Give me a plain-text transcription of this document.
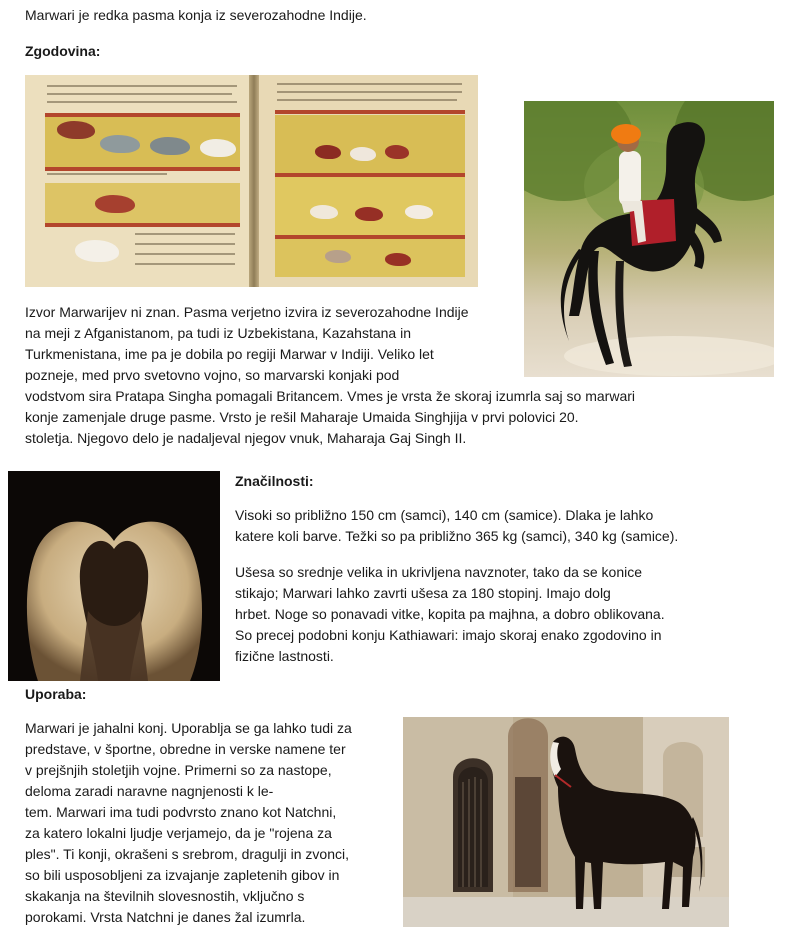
Marwari je redka pasma konja iz severozahodne Indije.

Zgodovina:

Izvor Marwarijev ni znan. Pasma verjetno izvira iz severozahodne Indije
na meji z Afganistanom, pa tudi iz Uzbekistana, Kazahstana in
Turkmenistana, ime pa je dobila po regiji Marwar v Indiji. Veliko let
pozneje, med prvo svetovno vojno, so marvarski konjaki pod
vodstvom sira Pratapa Singha pomagali Britancem. Vmes je vrsta že skoraj izumrla saj so marwari
konje zamenjale druge pasme. Vrsto je rešil Maharaje Umaida Singhjija v prvi polovici 20.
stoletja. Njegovo delo je nadaljeval njegov vnuk, Maharaja Gaj Singh II.

Značilnosti:

Visoki so približno 150 cm (samci), 140 cm (samice). Dlaka je lahko
katere koli barve. Težki so pa približno 365 kg (samci), 340 kg (samice).
Ušesa so srednje velika in ukrivljena navznoter, tako da se konice
stikajo; Marwari lahko zavrti ušesa za 180 stopinj. Imajo dolg
hrbet. Noge so ponavadi vitke, kopita pa majhna, a dobro oblikovana.
So precej podobni konju Kathiawari: imajo skoraj enako zgodovino in
fizične lastnosti.

Uporaba:

Marwari je jahalni konj. Uporablja se ga lahko tudi za
predstave, v športne, obredne in verske namene ter
v prejšnjih stoletjih vojne. Primerni so za nastope,
deloma zaradi naravne nagnjenosti k le-
tem. Marwari ima tudi podvrsto znano kot Natchni,
za katero lokalni ljudje verjamejo, da je "rojena za
ples". Ti konji, okrašeni s srebrom, dragulji in zvonci,
so bili usposobljeni za izvajanje zapletenih gibov in
skakanja na številnih slovesnostih, vključno s
porokami. Vrsta Natchni je danes žal izumrla.
